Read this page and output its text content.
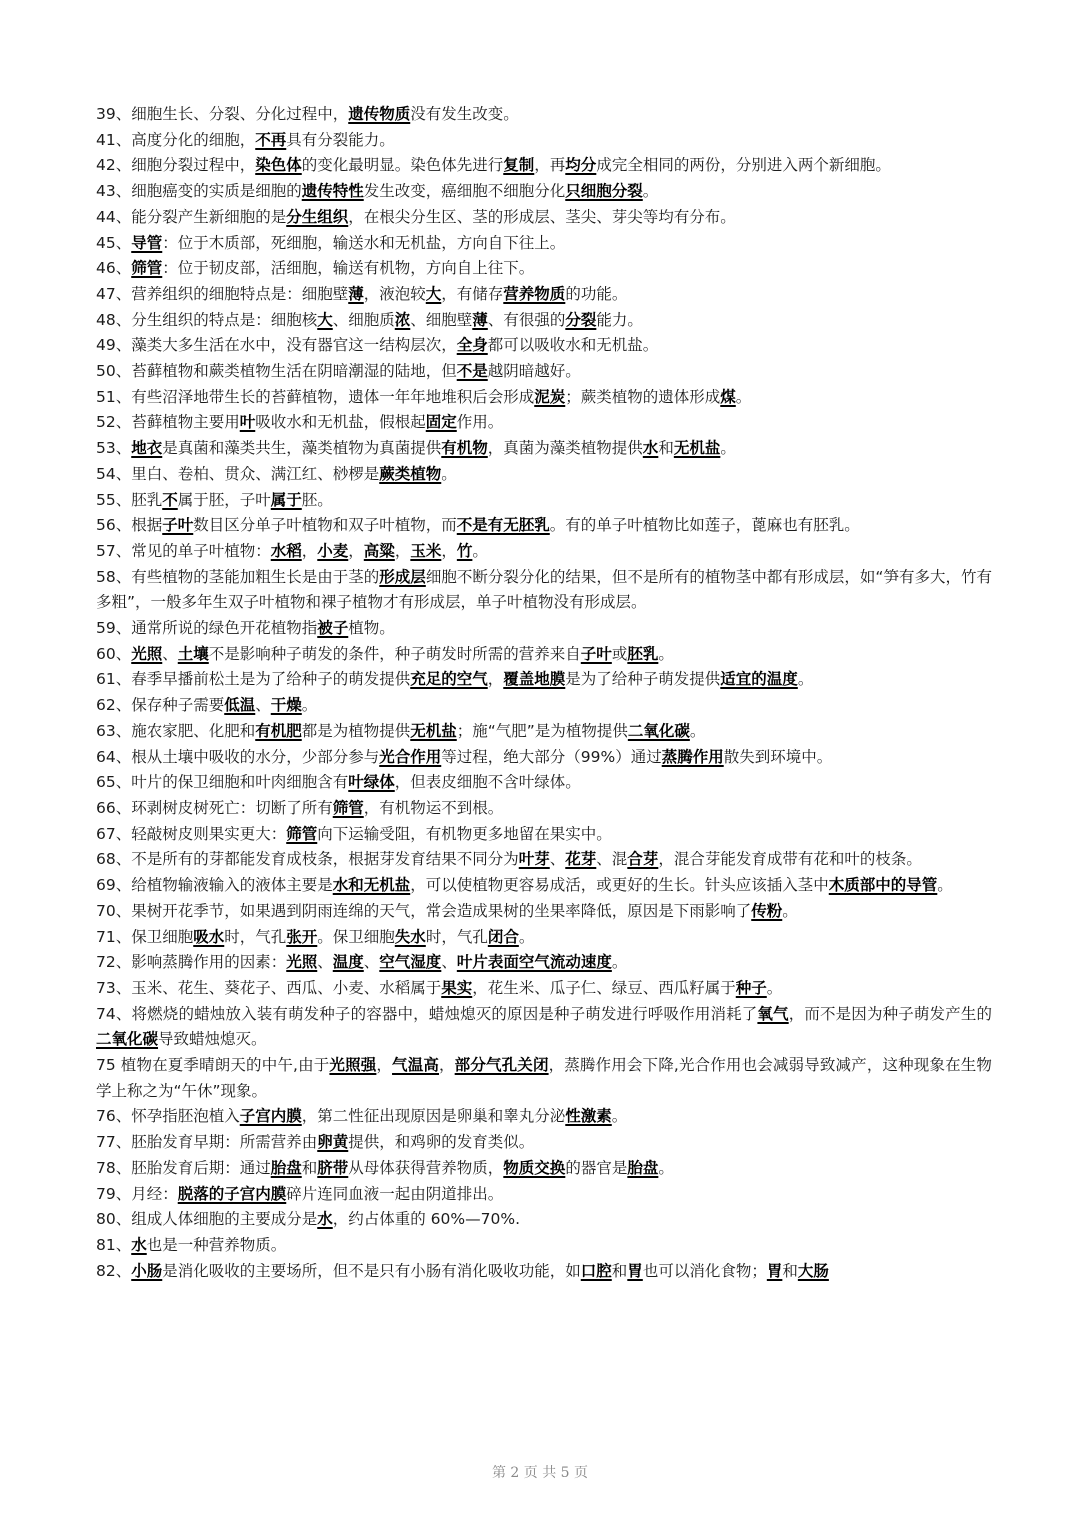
39、细胞生长、分裂、分化过程中，遗传物质没有发生改变。

41、高度分化的细胞，不再具有分裂能力。

42、细胞分裂过程中，染色体的变化最明显。染色体先进行复制，再均分成完全相同的两份，分别进入两个新细胞。

43、细胞癌变的实质是细胞的遗传特性发生改变，癌细胞不细胞分化只细胞分裂。

44、能分裂产生新细胞的是分生组织，在根尖分生区、茎的形成层、茎尖、芽尖等均有分布。

45、导管：位于木质部，死细胞，输送水和无机盐，方向自下往上。

46、筛管：位于韧皮部，活细胞，输送有机物，方向自上往下。

47、营养组织的细胞特点是：细胞壁薄，液泡较大，有储存营养物质的功能。

48、分生组织的特点是：细胞核大、细胞质浓、细胞壁薄、有很强的分裂能力。

49、藻类大多生活在水中，没有器官这一结构层次，全身都可以吸收水和无机盐。

50、苔藓植物和蕨类植物生活在阴暗潮湿的陆地，但不是越阴暗越好。

51、有些沼泽地带生长的苔藓植物，遗体一年年地堆积后会形成泥炭；蕨类植物的遗体形成煤。

52、苔藓植物主要用叶吸收水和无机盐，假根起固定作用。

53、地衣是真菌和藻类共生，藻类植物为真菌提供有机物，真菌为藻类植物提供水和无机盐。

54、里白、卷柏、贯众、满江红、桫椤是蕨类植物。

55、胚乳不属于胚，子叶属于胚。

56、根据子叶数目区分单子叶植物和双子叶植物，而不是有无胚乳。有的单子叶植物比如莲子，蓖麻也有胚乳。

57、常见的单子叶植物：水稻，小麦，高粱，玉米，竹。

58、有些植物的茎能加粗生长是由于茎的形成层细胞不断分裂分化的结果，但不是所有的植物茎中都有形成层，如“笋有多大，竹有多粗”，一般多年生双子叶植物和裸子植物才有形成层，单子叶植物没有形成层。

59、通常所说的绿色开花植物指被子植物。

60、光照、土壤不是影响种子萌发的条件，种子萌发时所需的营养来自子叶或胚乳。

61、春季早播前松土是为了给种子的萌发提供充足的空气，覆盖地膜是为了给种子萌发提供适宜的温度。

62、保存种子需要低温、干燥。

63、施农家肥、化肥和有机肥都是为植物提供无机盐；施“气肥”是为植物提供二氧化碳。

64、根从土壤中吸收的水分，少部分参与光合作用等过程，绝大部分（99%）通过蒸腾作用散失到环境中。

65、叶片的保卫细胞和叶肉细胞含有叶绿体，但表皮细胞不含叶绿体。

66、环剥树皮树死亡：切断了所有筛管，有机物运不到根。

67、轻敲树皮则果实更大：筛管向下运输受阻，有机物更多地留在果实中。

68、不是所有的芽都能发育成枝条，根据芽发育结果不同分为叶芽、花芽、混合芽，混合芽能发育成带有花和叶的枝条。

69、给植物输液输入的液体主要是水和无机盐，可以使植物更容易成活，或更好的生长。针头应该插入茎中木质部中的导管。

70、果树开花季节，如果遇到阴雨连绵的天气，常会造成果树的坐果率降低，原因是下雨影响了传粉。

71、保卫细胞吸水时，气孔张开。保卫细胞失水时，气孔闭合。

72、影响蒸腾作用的因素：光照、温度、空气湿度、叶片表面空气流动速度。

73、玉米、花生、葵花子、西瓜、小麦、水稻属于果实，花生米、瓜子仁、绿豆、西瓜籽属于种子。

74、将燃烧的蜡烛放入装有萌发种子的容器中，蜡烛熄灭的原因是种子萌发进行呼吸作用消耗了氧气，而不是因为种子萌发产生的二氧化碳导致蜡烛熄灭。

75 植物在夏季晴朗天的中午,由于光照强，气温高，部分气孔关闭，蒸腾作用会下降,光合作用也会减弱导致减产，这种现象在生物学上称之为“午休”现象。

76、怀孕指胚泡植入子宫内膜，第二性征出现原因是卵巢和睾丸分泌性激素。

77、胚胎发育早期：所需营养由卵黄提供，和鸡卵的发育类似。

78、胚胎发育后期：通过胎盘和脐带从母体获得营养物质，物质交换的器官是胎盘。

79、月经：脱落的子宫内膜碎片连同血液一起由阴道排出。

80、组成人体细胞的主要成分是水，约占体重的 60%—70%.

81、水也是一种营养物质。

82、小肠是消化吸收的主要场所，但不是只有小肠有消化吸收功能，如口腔和胃也可以消化食物；胃和大肠

第 2 页 共 5 页
